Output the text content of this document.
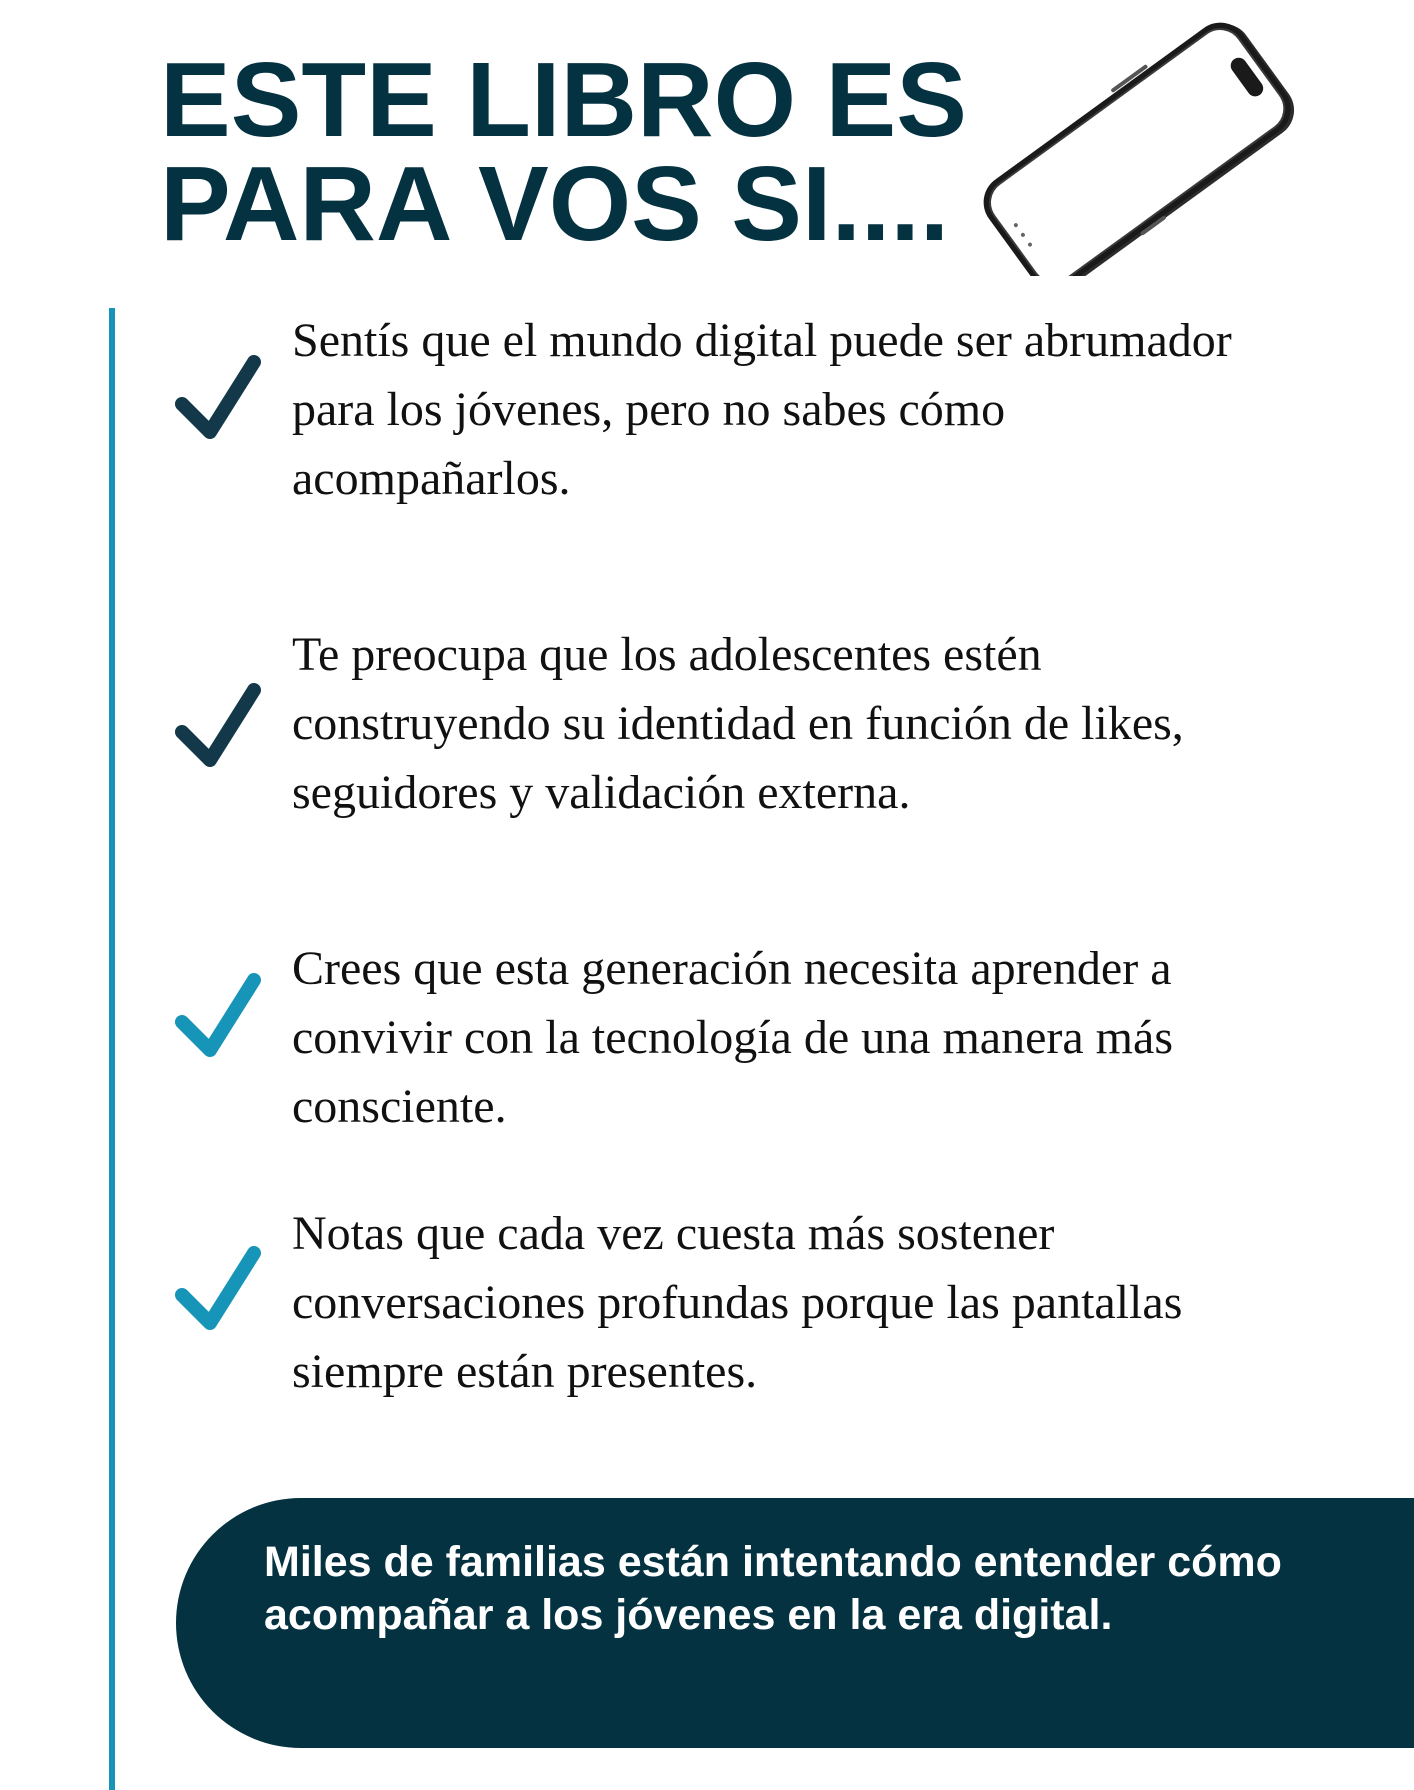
ESTE LIBRO ES
PARA VOS SI....

Sentís que el mundo digital puede ser abrumador para los jóvenes, pero no sabes cómo acompañarlos.

Te preocupa que los adolescentes estén construyendo su identidad en función de likes, seguidores y validación externa.

Crees que esta generación necesita aprender a convivir con la tecnología de una manera más consciente.

Notas que cada vez cuesta más sostener conversaciones profundas porque las pantallas siempre están presentes.

Miles de familias están intentando entender cómo acompañar a los jóvenes en la era digital.
